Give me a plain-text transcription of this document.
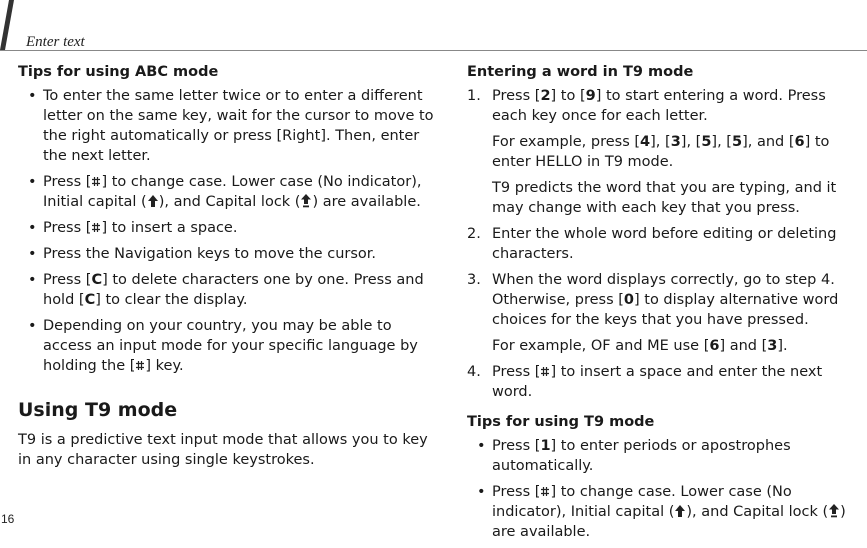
Enter text
Tips for using ABC mode
• To enter the same letter twice or to enter a different letter on the same key, wait for the cursor to move to the right automatically or press [Right]. Then, enter the next letter.
• Press [ ] to change case. Lower case (No indicator), Initial capital ( ), and Capital lock ( ) are available.
• Press [ ] to insert a space.
• Press the Navigation keys to move the cursor.
• Press [C] to delete characters one by one. Press and hold [C] to clear the display.
• Depending on your country, you may be able to access an input mode for your specific language by holding the [ ] key.
Using T9 mode

T9 is a predictive text input mode that allows you to key in any character using single keystrokes.

Entering a word in T9 mode
1. Press [2] to [9] to start entering a word. Press each key once for each letter.

For example, press [4], [3], [5], [5], and [6] to enter HELLO in T9 mode.

T9 predicts the word that you are typing, and it may change with each key that you press.

2. Enter the whole word before editing or deleting characters.
3. When the word displays correctly, go to step 4. Otherwise, press [0] to display alternative word choices for the keys that you have pressed.

For example, OF and ME use [6] and [3].

4. Press [ ] to insert a space and enter the next word.
Tips for using T9 mode
• Press [1] to enter periods or apostrophes automatically.
• Press [ ] to change case. Lower case (No indicator), Initial capital ( ), and Capital lock ( ) are available.
16
